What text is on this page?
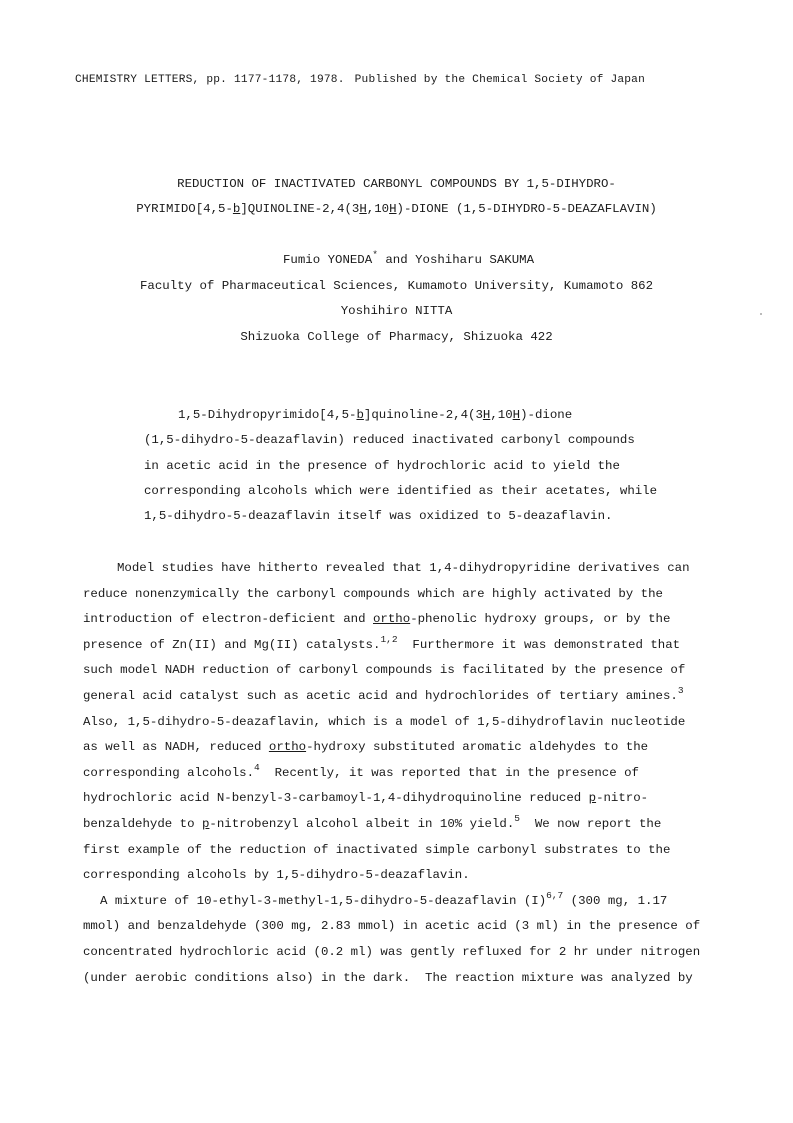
CHEMISTRY LETTERS, pp. 1177-1178, 1978. Published by the Chemical Society of Japan
REDUCTION OF INACTIVATED CARBONYL COMPOUNDS BY 1,5-DIHYDRO-
PYRIMIDO[4,5-b]QUINOLINE-2,4(3H,10H)-DIONE (1,5-DIHYDRO-5-DEAZAFLAVIN)
Fumio YONEDA* and Yoshiharu SAKUMA
Faculty of Pharmaceutical Sciences, Kumamoto University, Kumamoto 862
Yoshihiro NITTA
Shizuoka College of Pharmacy, Shizuoka 422
1,5-Dihydropyrimido[4,5-b]quinoline-2,4(3H,10H)-dione
(1,5-dihydro-5-deazaflavin) reduced inactivated carbonyl compounds
in acetic acid in the presence of hydrochloric acid to yield the
corresponding alcohols which were identified as their acetates, while
1,5-dihydro-5-deazaflavin itself was oxidized to 5-deazaflavin.
Model studies have hitherto revealed that 1,4-dihydropyridine derivatives can
reduce nonenzymically the carbonyl compounds which are highly activated by the
introduction of electron-deficient and ortho-phenolic hydroxy groups, or by the
presence of Zn(II) and Mg(II) catalysts.$^{1,2}$  Furthermore it was demonstrated that
such model NADH reduction of carbonyl compounds is facilitated by the presence of
general acid catalyst such as acetic acid and hydrochlorides of tertiary amines.$^3$
Also, 1,5-dihydro-5-deazaflavin, which is a model of 1,5-dihydroflavin nucleotide
as well as NADH, reduced ortho-hydroxy substituted aromatic aldehydes to the
corresponding alcohols.$^4$  Recently, it was reported that in the presence of
hydrochloric acid N-benzyl-3-carbamoyl-1,4-dihydroquinoline reduced p-nitro-
benzaldehyde to p-nitrobenzyl alcohol albeit in 10% yield.$^5$  We now report the
first example of the reduction of inactivated simple carbonyl substrates to the
corresponding alcohols by 1,5-dihydro-5-deazaflavin.
A mixture of 10-ethyl-3-methyl-1,5-dihydro-5-deazaflavin $(I)^{6,7}$ (300 mg, 1.17
mmol) and benzaldehyde (300 mg, 2.83 mmol) in acetic acid (3 ml) in the presence of
concentrated hydrochloric acid (0.2 ml) was gently refluxed for 2 hr under nitrogen
(under aerobic conditions also) in the dark.  The reaction mixture was analyzed by
